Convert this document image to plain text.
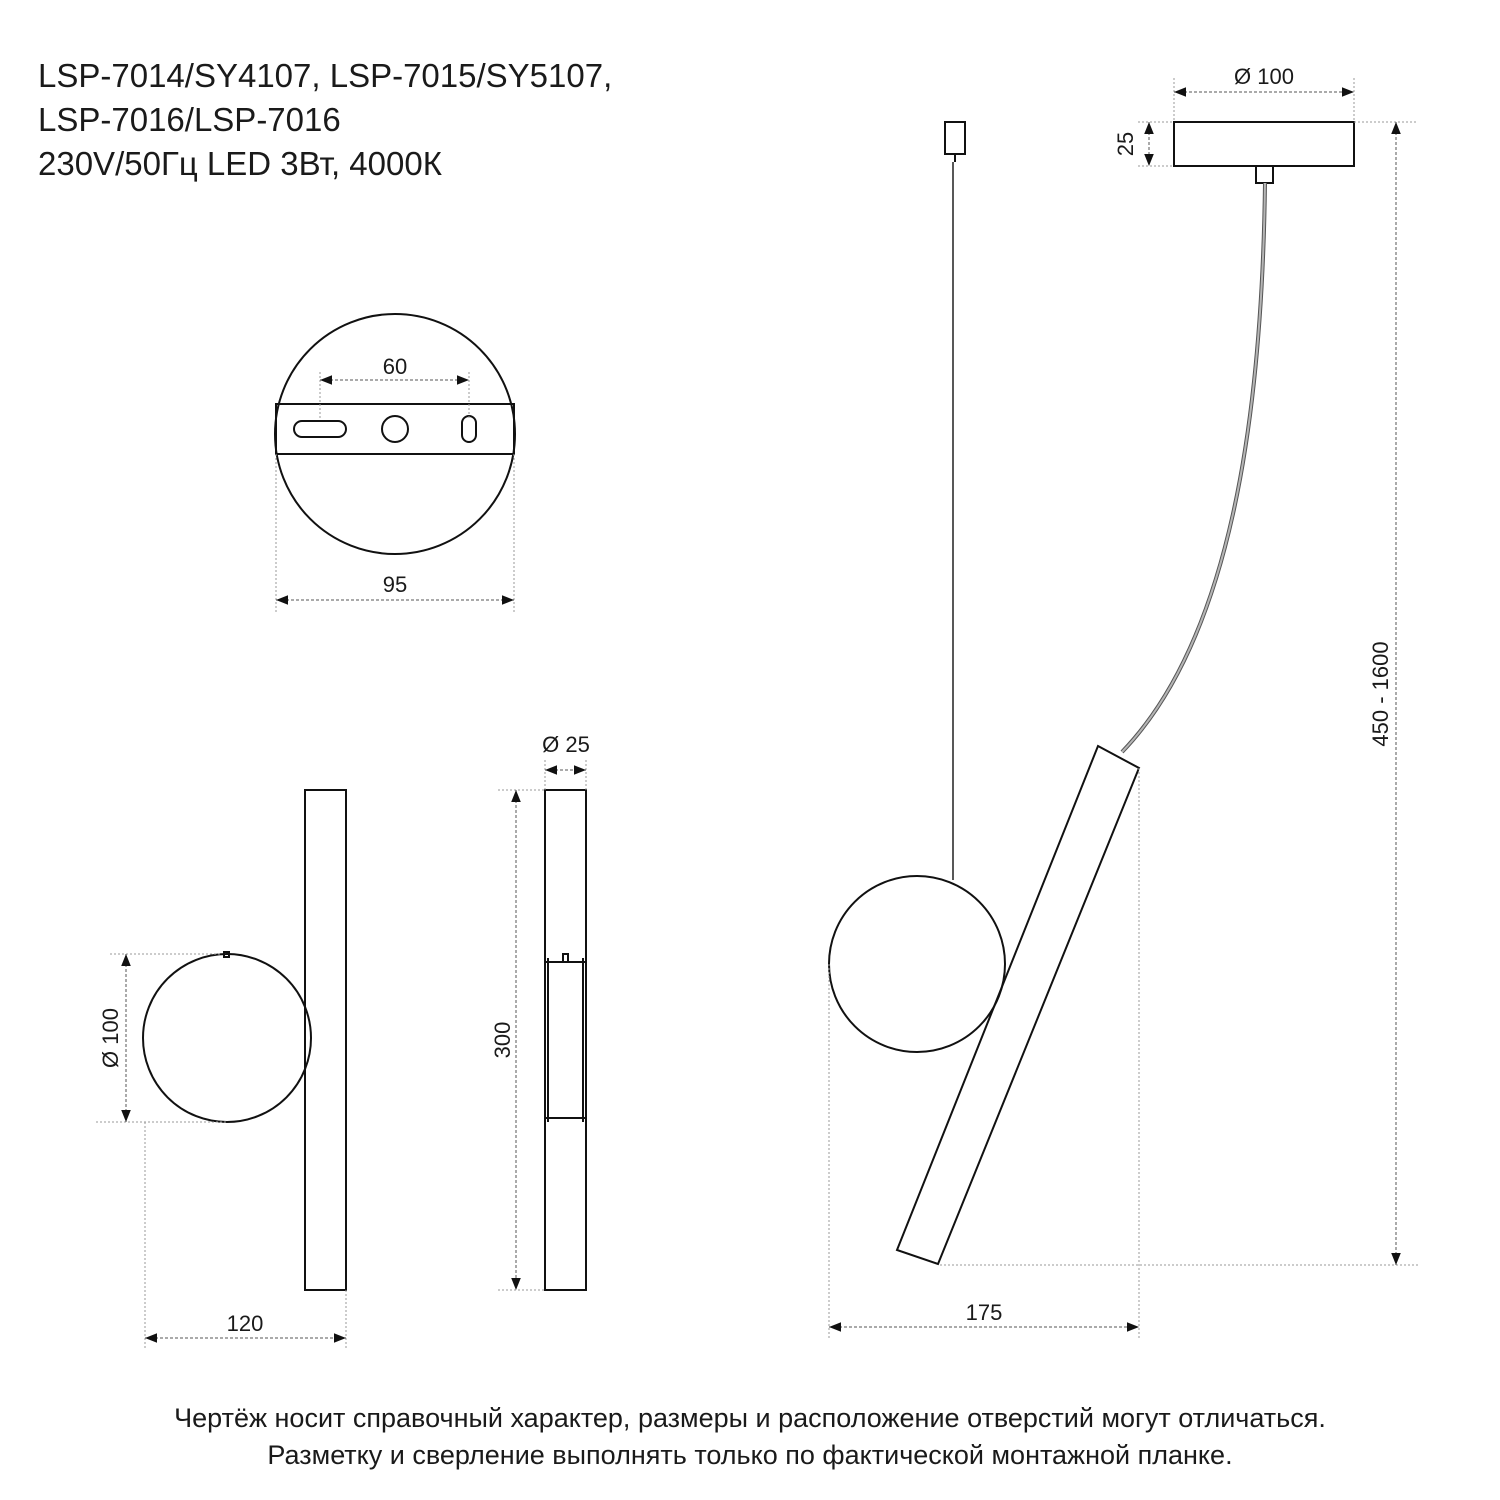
LSP-7014/SY4107, LSP-7015/SY5107,
LSP-7016/LSP-7016
230V/50Гц LED 3Вт, 4000К
60
95
Ø 100
120
Ø 25
300
Ø 100
25
450 - 1600
175
Чертёж носит справочный характер, размеры и расположение отверстий могут отличаться.
Разметку и сверление выполнять только по фактической монтажной планке.
